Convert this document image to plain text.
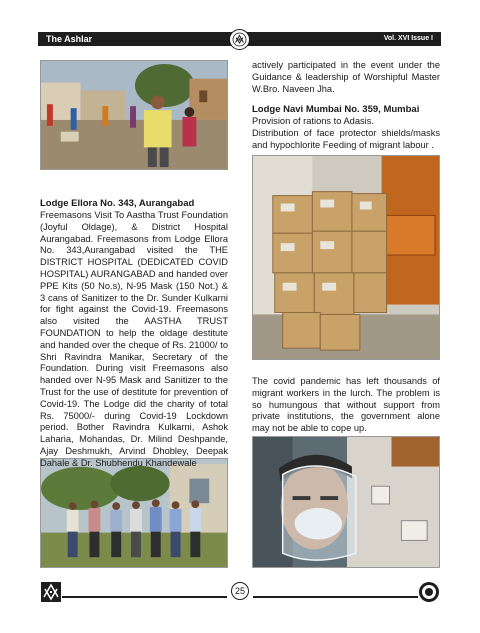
The Ashlar	Vol. XVI Issue I
Lodge Ellora No. 343, Aurangabad

Freemasons Visit To Aastha Trust Foundation (Joyful Oldage), & District Hospital Aurangabad. Freemasons from Lodge Ellora No. 343,Aurangabad visited the THE DISTRICT HOSPITAL (DEDICATED COVID HOSPITAL) AURANGABAD and handed over PPE Kits (50 No.s), N-95 Mask (150 Not.) & 3 cans of Sanitizer to the Dr. Sunder Kulkarni for fight against the Covid-19. Freemasons also visited the AASTHA TRUST FOUNDATION to help the oldage destitute and handed over the cheque of Rs. 21000/ to Shri Ravindra Manikar, Secretary of the Foundation. During visit Freemasons also handed over N-95 Mask and Sanitizer to the Trust for the use of destitute for prevention of Covid-19. The Lodge did the charity of total Rs. 75000/- during Covid-19 Lockdown period. Bother Ravindra Kulkarni, Ashok Laharia, Mohandas, Dr. Milind Deshpande, Ajay Deshmukh, Arvind Dhobley, Deepak Dahale & Dr. Shubhendu Khandewale

actively participated in the event under the Guidance & leadership of Worshipful Master W.Bro. Naveen Jha.

Lodge Navi Mumbai No. 359, Mumbai

Provision of rations to Adasis.

Distribution of face protector shields/masks and hypochlorite Feeding of migrant labour .

The covid pandemic has left thousands of migrant workers in the lurch. The problem is so humungous that without support from private institutions, the government alone may not be able to cope up.

25
